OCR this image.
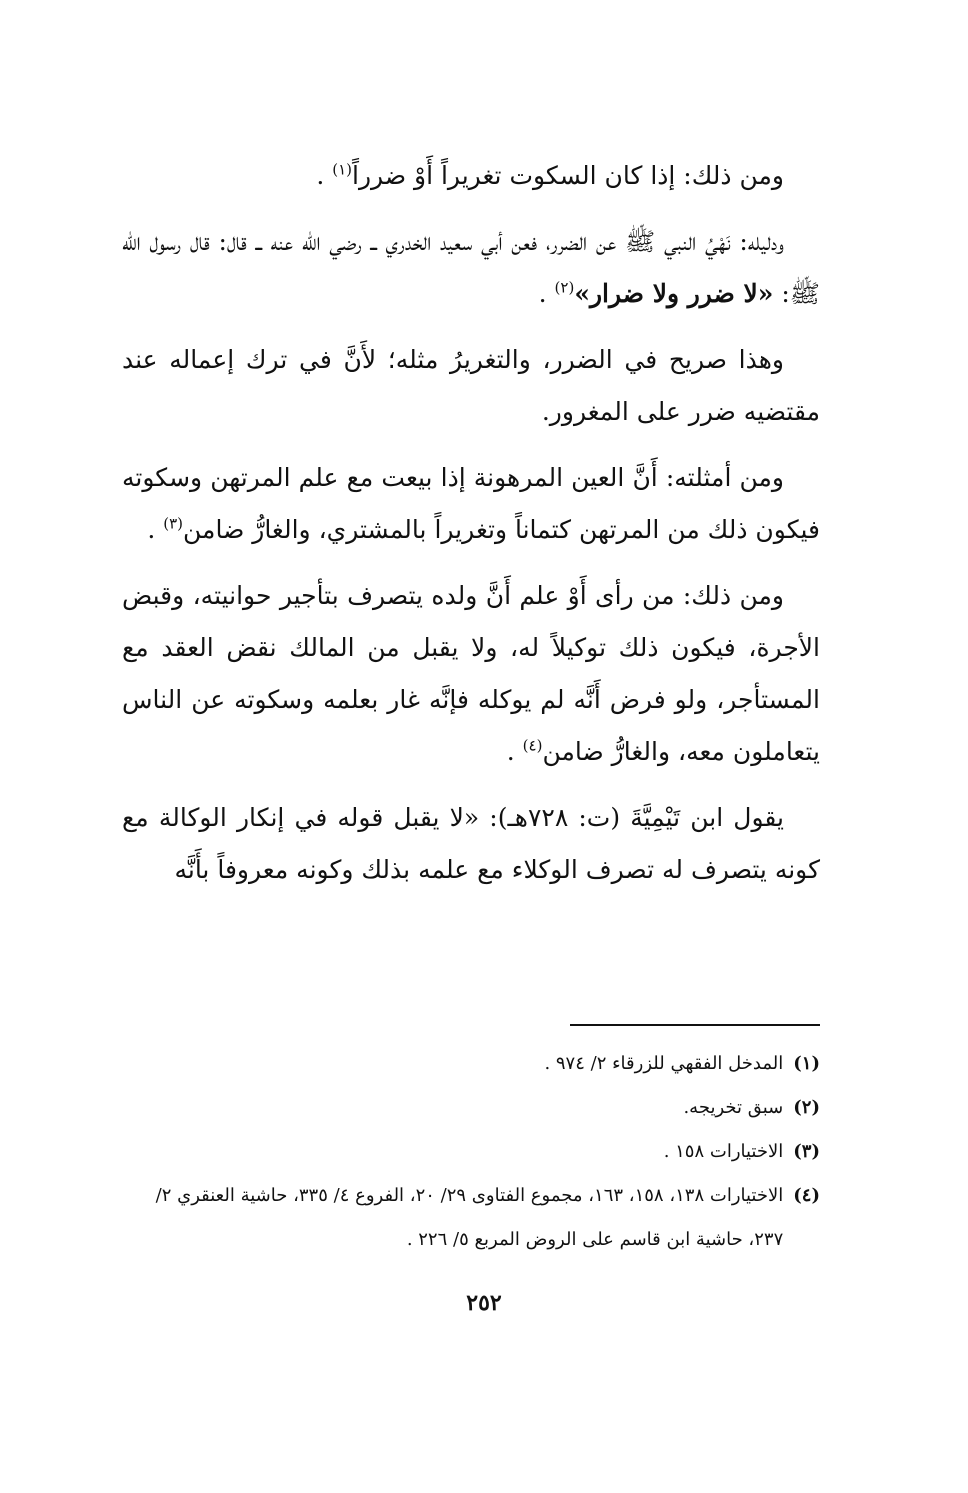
ومن ذلك: إذا كان السكوت تغريراً أَوْ ضرراً$^{(١)}$ .

ودليله: نَهْيُ النبي ﷺ عن الضرر، فعن أبي سعيد الخدري ــ رضي الله عنه ــ قال: قال رسول الله ﷺ: «لا ضرر ولا ضرار»$^{(٢)}$ .

وهذا صريح في الضرر، والتغريرُ مثله؛ لأَنَّ في ترك إعماله عند مقتضيه ضرر على المغرور.

ومن أمثلته: أَنَّ العين المرهونة إذا بيعت مع علم المرتهن وسكوته فيكون ذلك من المرتهن كتماناً وتغريراً بالمشتري، والغارُّ ضامن$^{(٣)}$ .

ومن ذلك: من رأى أَوْ علم أَنَّ ولده يتصرف بتأجير حوانيته، وقبض الأجرة، فيكون ذلك توكيلاً له، ولا يقبل من المالك نقض العقد مع المستأجر، ولو فرض أَنَّه لم يوكله فإنَّه غار بعلمه وسكوته عن الناس يتعاملون معه، والغارُّ ضامن$^{(٤)}$ .

يقول ابن تَيْمِيَّةَ (ت: ٧٢٨هـ): «لا يقبل قوله في إنكار الوكالة مع كونه يتصرف له تصرف الوكلاء مع علمه بذلك وكونه معروفاً بأَنَّه

(١)
المدخل الفقهي للزرقاء ٢/ ٩٧٤ .
(٢)
سبق تخريجه.
(٣)
الاختيارات ١٥٨ .
(٤)
الاختيارات ١٣٨، ١٥٨، ١٦٣، مجموع الفتاوى ٢٩/ ٢٠، الفروع ٤/ ٣٣٥، حاشية العنقري ٢/ ٢٣٧، حاشية ابن قاسم على الروض المربع ٥/ ٢٢٦ .
٢٥٢
